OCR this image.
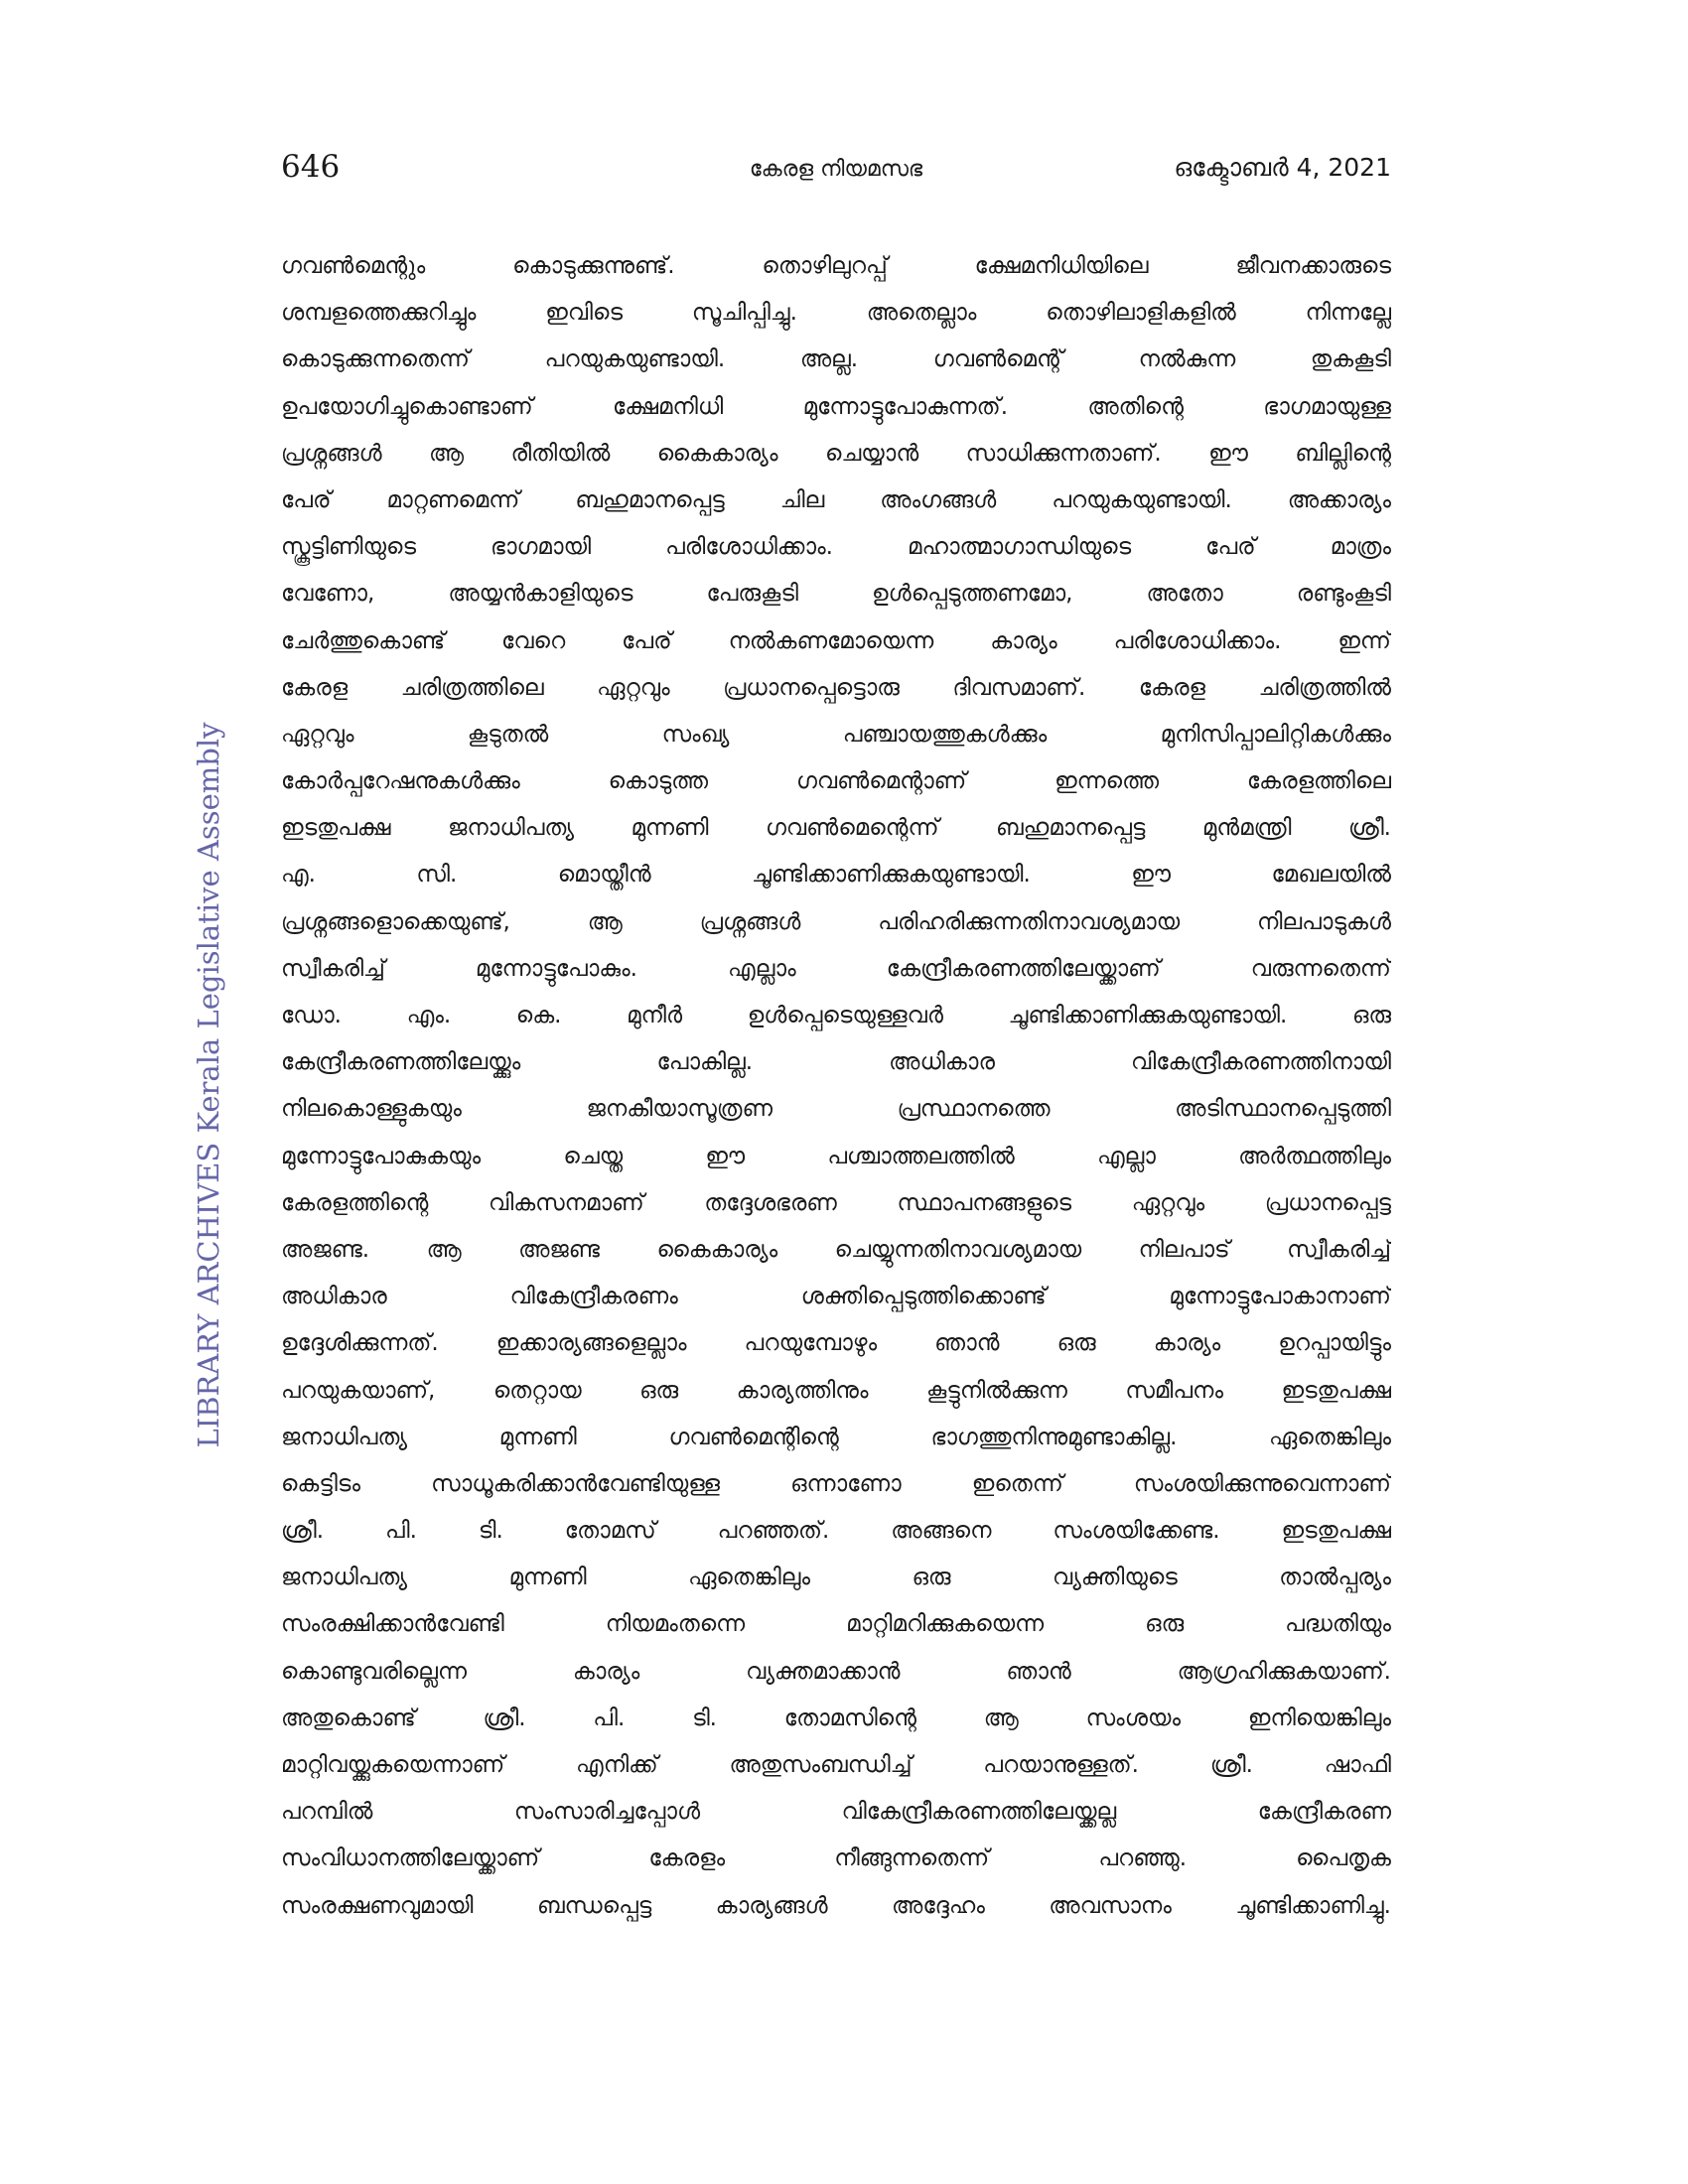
646	കേരള നിയമസഭ	ഒക്ടോബർ 4, 2021
LIBRARY ARCHIVES Kerala Legislative Assembly
ഗവൺമെന്റും കൊടുക്കുന്നുണ്ട്. തൊഴിലുറപ്പ് ക്ഷേമനിധിയിലെ ജീവനക്കാരുടെ
ശമ്പളത്തെക്കുറിച്ചും ഇവിടെ സൂചിപ്പിച്ചു. അതെല്ലാം തൊഴിലാളികളിൽ നിന്നല്ലേ
കൊടുക്കുന്നതെന്ന് പറയുകയുണ്ടായി. അല്ല. ഗവൺമെന്റ് നൽകുന്ന തുകകൂടി
ഉപയോഗിച്ചുകൊണ്ടാണ് ക്ഷേമനിധി മുന്നോട്ടുപോകുന്നത്. അതിന്റെ ഭാഗമായുള്ള
പ്രശ്നങ്ങൾ ആ രീതിയിൽ കൈകാര്യം ചെയ്യാൻ സാധിക്കുന്നതാണ്. ഈ ബില്ലിന്റെ
പേര് മാറ്റണമെന്ന് ബഹുമാനപ്പെട്ട ചില അംഗങ്ങൾ പറയുകയുണ്ടായി. അക്കാര്യം
സ്കൂട്ടിണിയുടെ ഭാഗമായി പരിശോധിക്കാം. മഹാത്മാഗാന്ധിയുടെ പേര് മാത്രം
വേണോ, അയ്യൻകാളിയുടെ പേരുകൂടി ഉൾപ്പെടുത്തണമോ, അതോ രണ്ടുംകൂടി
ചേർത്തുകൊണ്ട് വേറെ പേര് നൽകണമോയെന്ന കാര്യം പരിശോധിക്കാം. ഇന്ന്
കേരള ചരിത്രത്തിലെ ഏറ്റവും പ്രധാനപ്പെട്ടൊരു ദിവസമാണ്. കേരള ചരിത്രത്തിൽ
ഏറ്റവും കൂടുതൽ സംഖ്യ പഞ്ചായത്തുകൾക്കും മുനിസിപ്പാലിറ്റികൾക്കും
കോർപ്പറേഷനുകൾക്കും കൊടുത്ത ഗവൺമെന്റാണ് ഇന്നത്തെ കേരളത്തിലെ
ഇടതുപക്ഷ ജനാധിപത്യ മുന്നണി ഗവൺമെന്റെന്ന് ബഹുമാനപ്പെട്ട മുൻമന്ത്രി ശ്രീ.
എ. സി. മൊയ്തീൻ ചൂണ്ടിക്കാണിക്കുകയുണ്ടായി. ഈ മേഖലയിൽ
പ്രശ്നങ്ങളൊക്കെയുണ്ട്, ആ പ്രശ്നങ്ങൾ പരിഹരിക്കുന്നതിനാവശ്യമായ നിലപാടുകൾ
സ്വീകരിച്ച് മുന്നോട്ടുപോകും. എല്ലാം കേന്ദ്രീകരണത്തിലേയ്ക്കാണ് വരുന്നതെന്ന്
ഡോ. എം. കെ. മുനീർ ഉൾപ്പെടെയുള്ളവർ ചൂണ്ടിക്കാണിക്കുകയുണ്ടായി. ഒരു
കേന്ദ്രീകരണത്തിലേയ്ക്കും പോകില്ല. അധികാര വികേന്ദ്രീകരണത്തിനായി
നിലകൊള്ളുകയും ജനകീയാസൂത്രണ പ്രസ്ഥാനത്തെ അടിസ്ഥാനപ്പെടുത്തി
മുന്നോട്ടുപോകുകയും ചെയ്ത ഈ പശ്ചാത്തലത്തിൽ എല്ലാ അർത്ഥത്തിലും
കേരളത്തിന്റെ വികസനമാണ് തദ്ദേശഭരണ സ്ഥാപനങ്ങളുടെ ഏറ്റവും പ്രധാനപ്പെട്ട
അജണ്ട. ആ അജണ്ട കൈകാര്യം ചെയ്യുന്നതിനാവശ്യമായ നിലപാട് സ്വീകരിച്ച്
അധികാര വികേന്ദ്രീകരണം ശക്തിപ്പെടുത്തിക്കൊണ്ട് മുന്നോട്ടുപോകാനാണ്
ഉദ്ദേശിക്കുന്നത്. ഇക്കാര്യങ്ങളെല്ലാം പറയുമ്പോഴും ഞാൻ ഒരു കാര്യം ഉറപ്പായിട്ടും
പറയുകയാണ്, തെറ്റായ ഒരു കാര്യത്തിനും കൂട്ടുനിൽക്കുന്ന സമീപനം ഇടതുപക്ഷ
ജനാധിപത്യ മുന്നണി ഗവൺമെന്റിന്റെ ഭാഗത്തുനിന്നുമുണ്ടാകില്ല. ഏതെങ്കിലും
കെട്ടിടം സാധൂകരിക്കാൻവേണ്ടിയുള്ള ഒന്നാണോ ഇതെന്ന് സംശയിക്കുന്നുവെന്നാണ്
ശ്രീ. പി. ടി. തോമസ് പറഞ്ഞത്. അങ്ങനെ സംശയിക്കേണ്ട. ഇടതുപക്ഷ
ജനാധിപത്യ മുന്നണി ഏതെങ്കിലും ഒരു വ്യക്തിയുടെ താൽപ്പര്യം
സംരക്ഷിക്കാൻവേണ്ടി നിയമംതന്നെ മാറ്റിമറിക്കുകയെന്ന ഒരു പദ്ധതിയും
കൊണ്ടുവരില്ലെന്ന കാര്യം വ്യക്തമാക്കാൻ ഞാൻ ആഗ്രഹിക്കുകയാണ്.
അതുകൊണ്ട് ശ്രീ. പി. ടി. തോമസിന്റെ ആ സംശയം ഇനിയെങ്കിലും
മാറ്റിവയ്ക്കുകയെന്നാണ് എനിക്ക് അതുസംബന്ധിച്ച് പറയാനുള്ളത്. ശ്രീ. ഷാഫി
പറമ്പിൽ സംസാരിച്ചപ്പോൾ വികേന്ദ്രീകരണത്തിലേയ്ക്കല്ല കേന്ദ്രീകരണ
സംവിധാനത്തിലേയ്ക്കാണ് കേരളം നീങ്ങുന്നതെന്ന് പറഞ്ഞു. പൈതൃക
സംരക്ഷണവുമായി ബന്ധപ്പെട്ട കാര്യങ്ങൾ അദ്ദേഹം അവസാനം ചൂണ്ടിക്കാണിച്ചു.
